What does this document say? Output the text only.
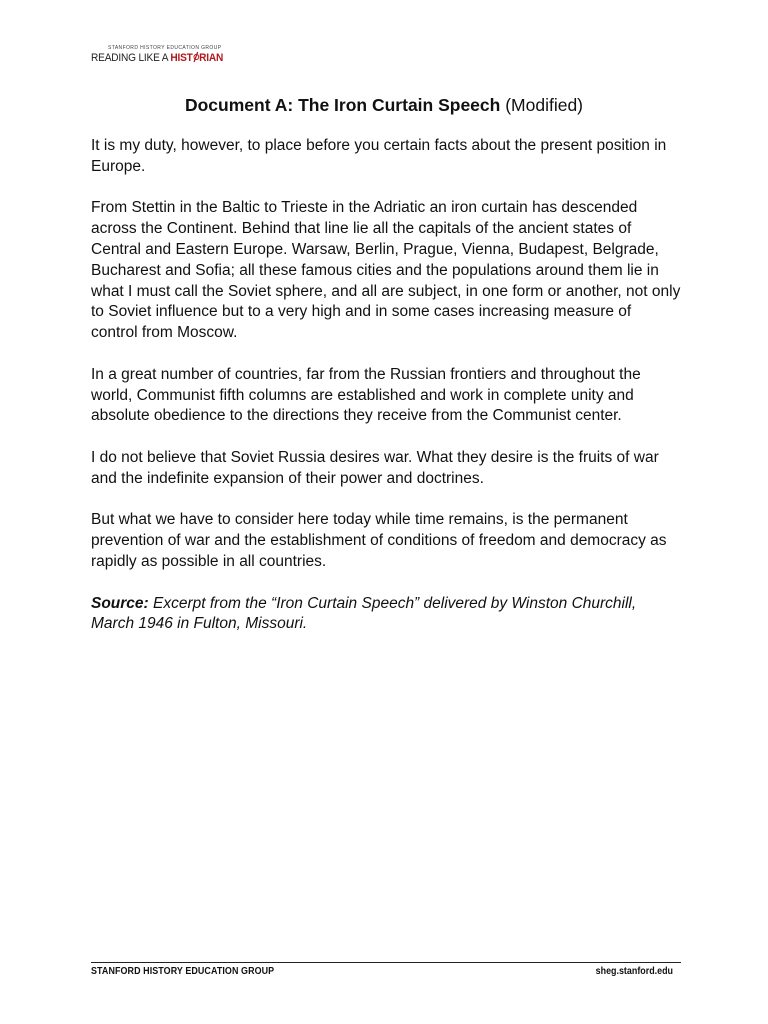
STANFORD HISTORY EDUCATION GROUP
READING LIKE A HIST RIAN
Document A: The Iron Curtain Speech (Modified)

It is my duty, however, to place before you certain facts about the present position in Europe.

From Stettin in the Baltic to Trieste in the Adriatic an iron curtain has descended across the Continent. Behind that line lie all the capitals of the ancient states of Central and Eastern Europe. Warsaw, Berlin, Prague, Vienna, Budapest, Belgrade, Bucharest and Sofia; all these famous cities and the populations around them lie in what I must call the Soviet sphere, and all are subject, in one form or another, not only to Soviet influence but to a very high and in some cases increasing measure of control from Moscow.

In a great number of countries, far from the Russian frontiers and throughout the world, Communist fifth columns are established and work in complete unity and absolute obedience to the directions they receive from the Communist center.

I do not believe that Soviet Russia desires war. What they desire is the fruits of war and the indefinite expansion of their power and doctrines.

But what we have to consider here today while time remains, is the permanent prevention of war and the establishment of conditions of freedom and democracy as rapidly as possible in all countries.

Source: Excerpt from the “Iron Curtain Speech” delivered by Winston Churchill, March 1946 in Fulton, Missouri.
STANFORD HISTORY EDUCATION GROUP	sheg.stanford.edu
